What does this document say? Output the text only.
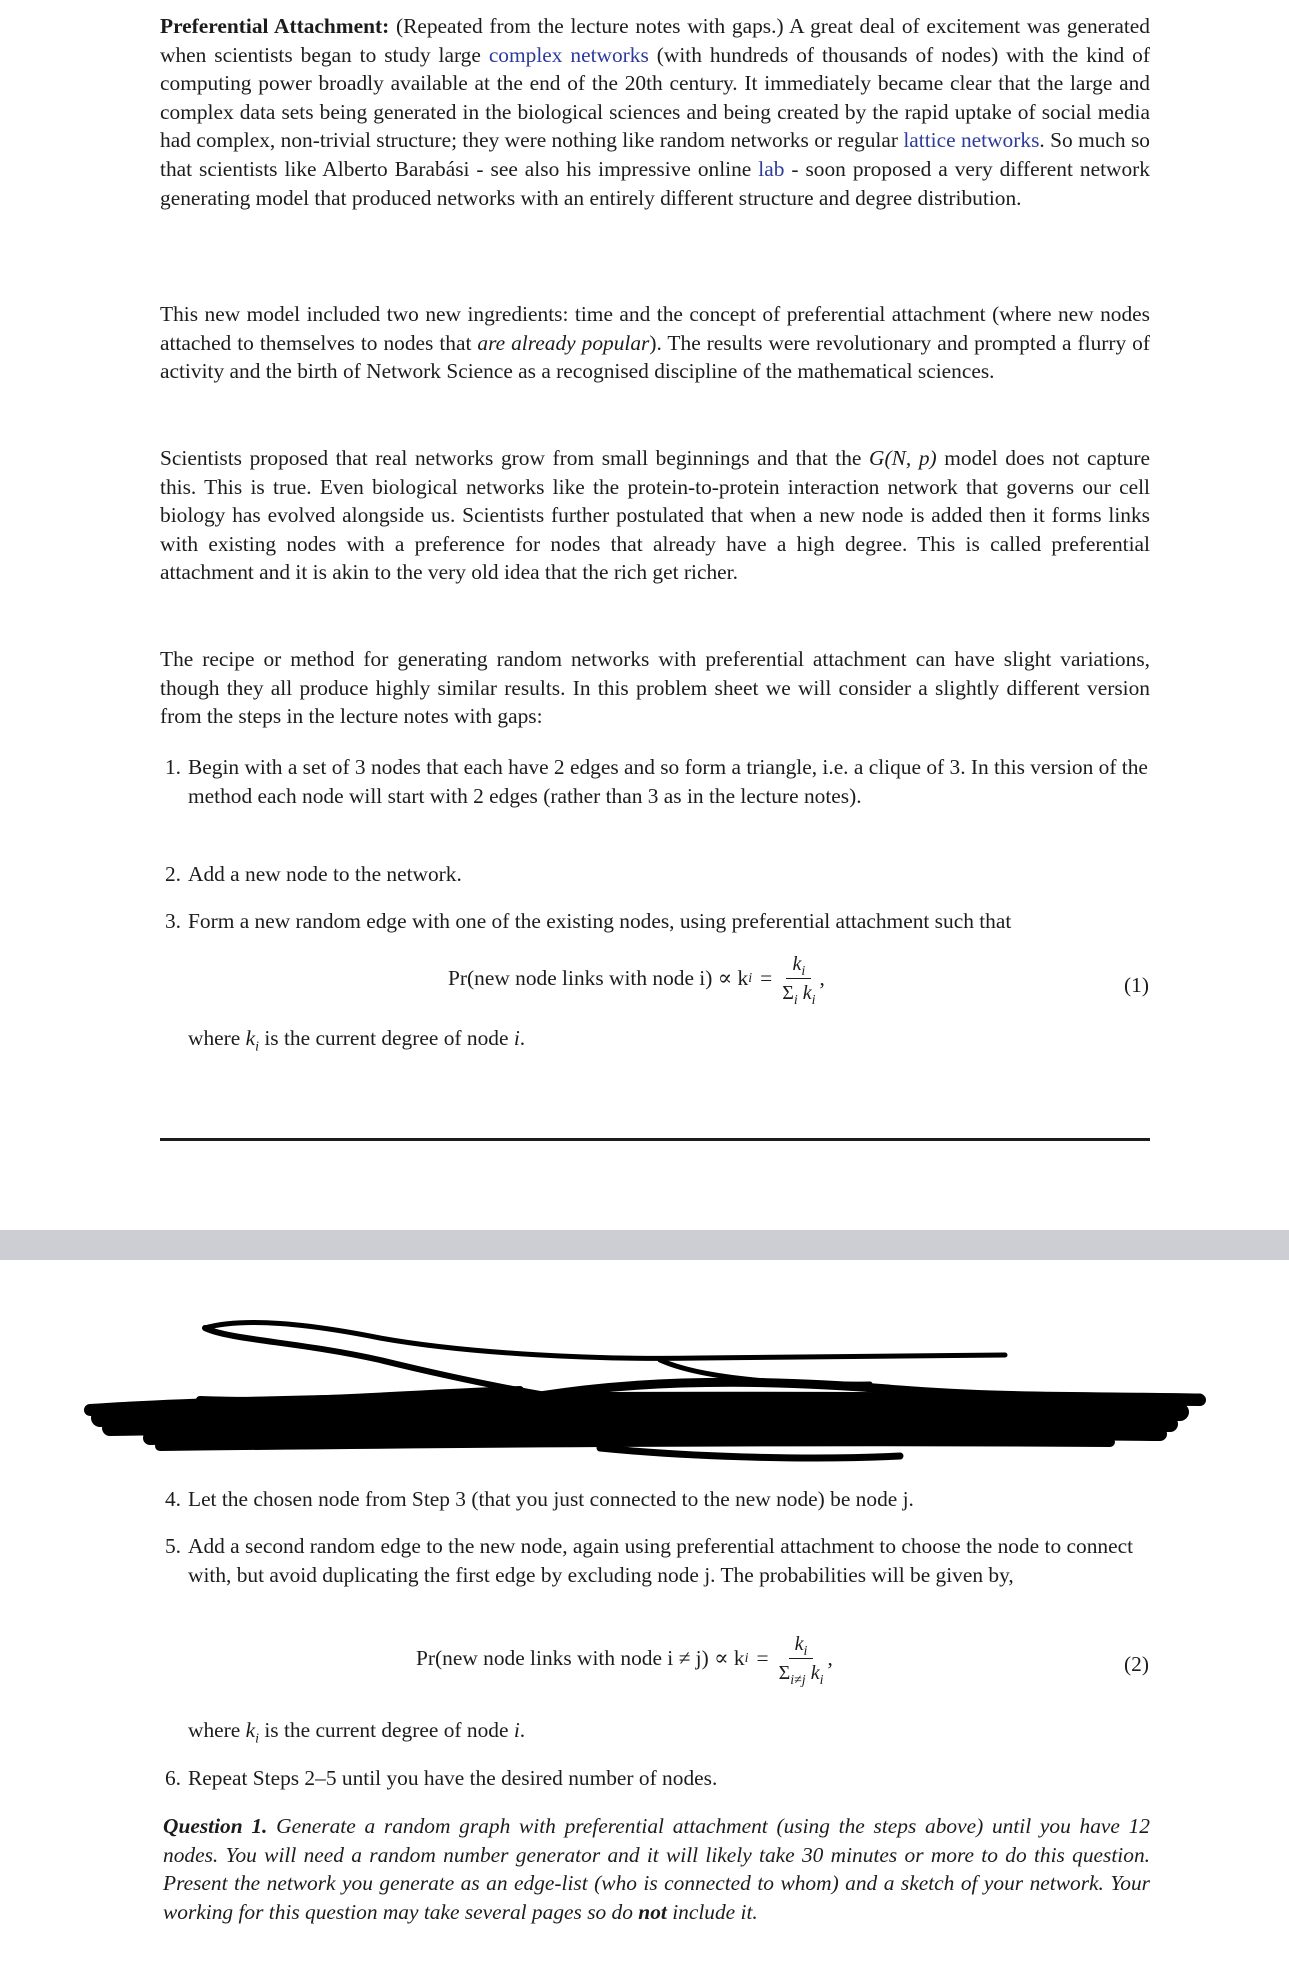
Preferential Attachment: (Repeated from the lecture notes with gaps.) A great deal of excitement was generated when scientists began to study large complex networks (with hundreds of thousands of nodes) with the kind of computing power broadly available at the end of the 20th century. It immediately became clear that the large and complex data sets being generated in the biological sciences and being created by the rapid uptake of social media had complex, non-trivial structure; they were nothing like random networks or regular lattice networks. So much so that scientists like Alberto Barabási - see also his impressive online lab - soon proposed a very different network generating model that produced networks with an entirely different structure and degree distribution.

This new model included two new ingredients: time and the concept of preferential attachment (where new nodes attached to themselves to nodes that are already popular). The results were revolutionary and prompted a flurry of activity and the birth of Network Science as a recognised discipline of the mathematical sciences.

Scientists proposed that real networks grow from small beginnings and that the G(N, p) model does not capture this. This is true. Even biological networks like the protein-to-protein interaction network that governs our cell biology has evolved alongside us. Scientists further postulated that when a new node is added then it forms links with existing nodes with a preference for nodes that already have a high degree. This is called preferential attachment and it is akin to the very old idea that the rich get richer.

The recipe or method for generating random networks with preferential attachment can have slight variations, though they all produce highly similar results. In this problem sheet we will consider a slightly different version from the steps in the lecture notes with gaps:

1. Begin with a set of 3 nodes that each have 2 edges and so form a triangle, i.e. a clique of 3. In this version of the method each node will start with 2 edges (rather than 3 as in the lecture notes).
2. Add a new node to the network.
3. Form a new random edge with one of the existing nodes, using preferential attachment such that
Pr(new node links with node i) ∝ k $i = \frac{k_i}{\Sigma_i k_i}$ ,	(1)
where $k_i$ is the current degree of node i.
4. Let the chosen node from Step 3 (that you just connected to the new node) be node j.
5. Add a second random edge to the new node, again using preferential attachment to choose the node to connect with, but avoid duplicating the first edge by excluding node j. The probabilities will be given by,
Pr(new node links with node i ≠ j) ∝ k $i = \frac{k_i}{\Sigma_{i\ne j} k_i}$ ,	(2)
where $k_i$ is the current degree of node i.
6. Repeat Steps 2–5 until you have the desired number of nodes.

Question 1. Generate a random graph with preferential attachment (using the steps above) until you have 12 nodes. You will need a random number generator and it will likely take 30 minutes or more to do this question. Present the network you generate as an edge-list (who is connected to whom) and a sketch of your network. Your working for this question may take several pages so do not include it.
